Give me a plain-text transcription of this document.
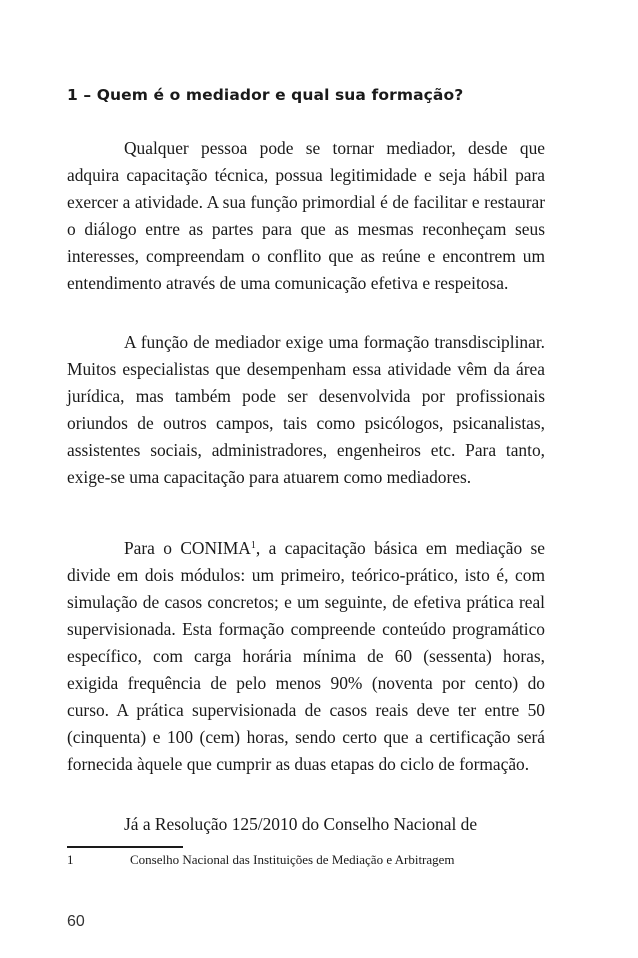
1 – Quem é o mediador e qual sua formação?

Qualquer pessoa pode se tornar mediador, desde que adquira capacitação técnica, possua legitimidade e seja hábil para exercer a atividade. A sua função primordial é de facilitar e restaurar o diálogo entre as partes para que as mesmas reconheçam seus interesses, compreendam o conflito que as reúne e encontrem um entendimento através de uma comunicação efetiva e respeitosa.

A função de mediador exige uma formação transdisciplinar. Muitos especialistas que desempenham essa atividade vêm da área jurídica, mas também pode ser desenvolvida por profissionais oriundos de outros campos, tais como psicólogos, psicanalistas, assistentes sociais, administradores, engenheiros etc. Para tanto, exige-se uma capacitação para atuarem como mediadores.

Para o CONIMA$^1$, a capacitação básica em mediação se divide em dois módulos: um primeiro, teórico-prático, isto é, com simulação de casos concretos; e um seguinte, de efetiva prática real supervisionada. Esta formação compreende conteúdo programático específico, com carga horária mínima de 60 (sessenta) horas, exigida frequência de pelo menos 90% (noventa por cento) do curso. A prática supervisionada de casos reais deve ter entre 50 (cinquenta) e 100 (cem) horas, sendo certo que a certificação será fornecida àquele que cumprir as duas etapas do ciclo de formação.

Já a Resolução 125/2010 do Conselho Nacional de

1	Conselho Nacional das Instituições de Mediação e Arbitragem
60
